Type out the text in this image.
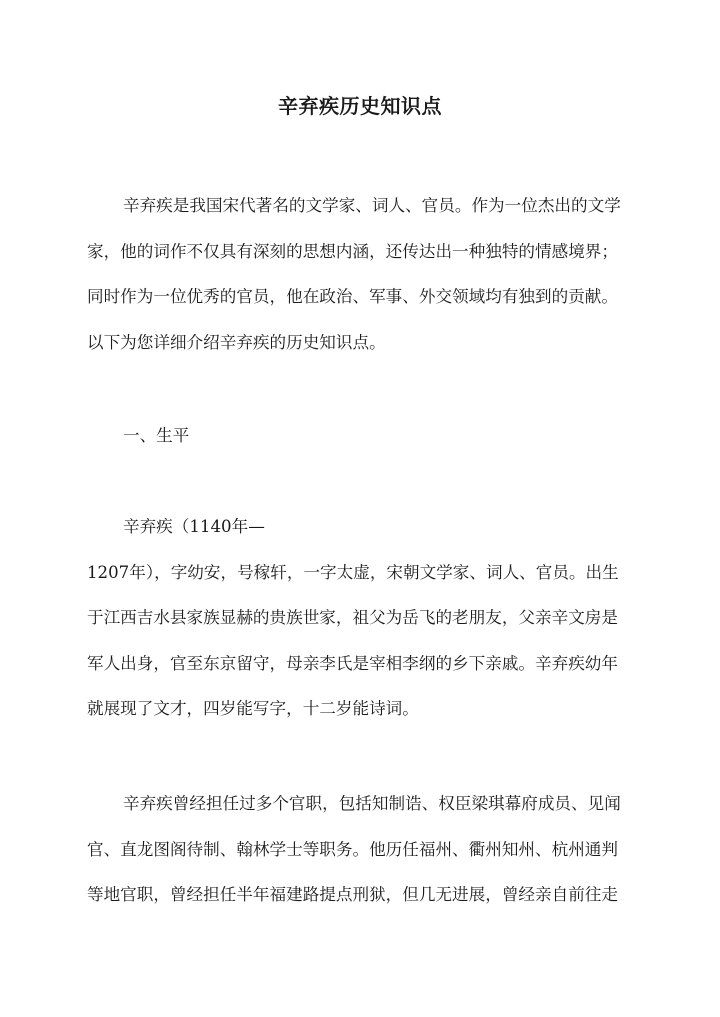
辛弃疾历史知识点
辛弃疾是我国宋代著名的文学家、词人、官员。作为一位杰出的文学
家，他的词作不仅具有深刻的思想内涵，还传达出一种独特的情感境界；
同时作为一位优秀的官员，他在政治、军事、外交领域均有独到的贡献。
以下为您详细介绍辛弃疾的历史知识点。
一、生平
辛弃疾（1140年—
1207年），字幼安，号稼轩，一字太虚，宋朝文学家、词人、官员。出生
于江西吉水县家族显赫的贵族世家，祖父为岳飞的老朋友，父亲辛文房是
军人出身，官至东京留守，母亲李氏是宰相李纲的乡下亲戚。辛弃疾幼年
就展现了文才，四岁能写字，十二岁能诗词。
辛弃疾曾经担任过多个官职，包括知制诰、权臣梁琪幕府成员、见闻
官、直龙图阁待制、翰林学士等职务。他历任福州、衢州知州、杭州通判
等地官职，曾经担任半年福建路提点刑狱，但几无进展，曾经亲自前往走
